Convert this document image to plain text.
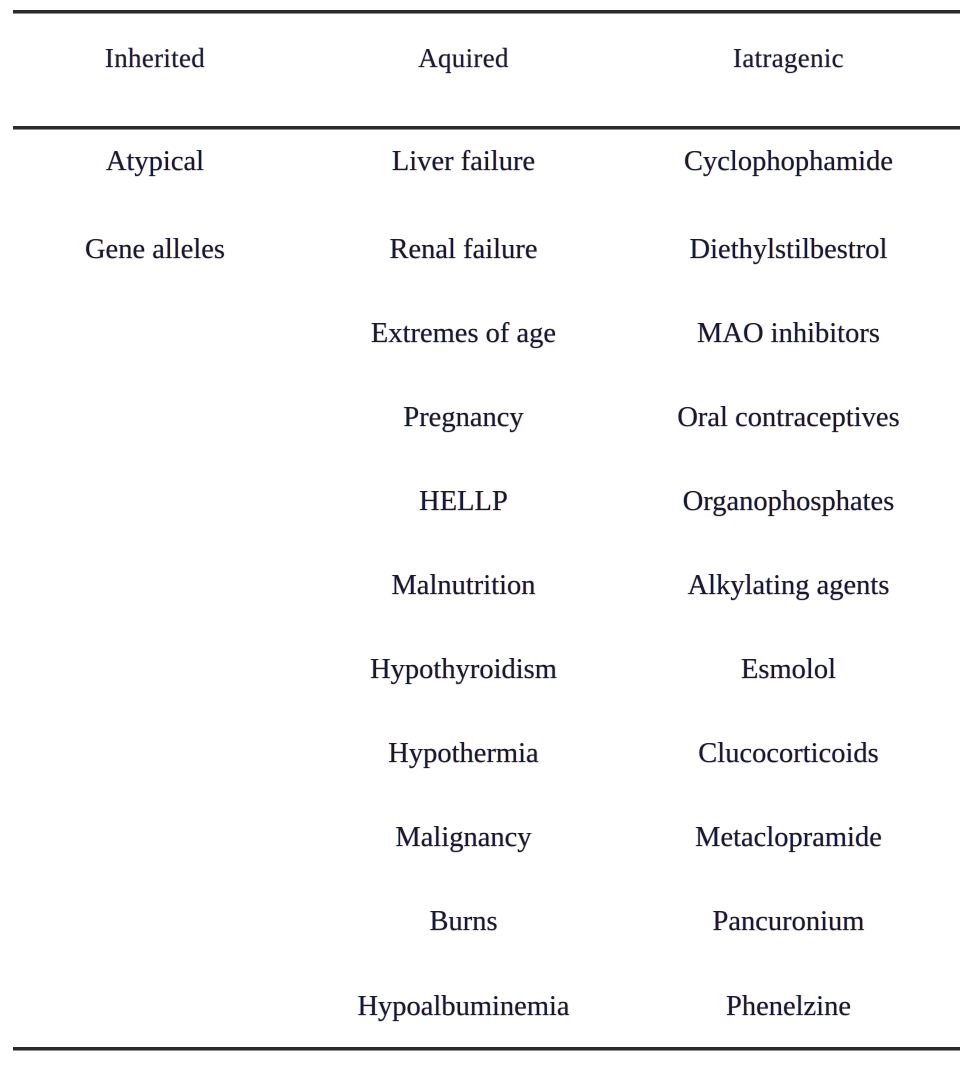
Inherited	Aquired	Iatragenic
Atypical	Liver failure	Cyclophophamide
Gene alleles	Renal failure	Diethylstilbestrol
	Extremes of age	MAO inhibitors
	Pregnancy	Oral contraceptives
	HELLP	Organophosphates
	Malnutrition	Alkylating agents
	Hypothyroidism	Esmolol
	Hypothermia	Clucocorticoids
	Malignancy	Metaclopramide
	Burns	Pancuronium
	Hypoalbuminemia	Phenelzine
